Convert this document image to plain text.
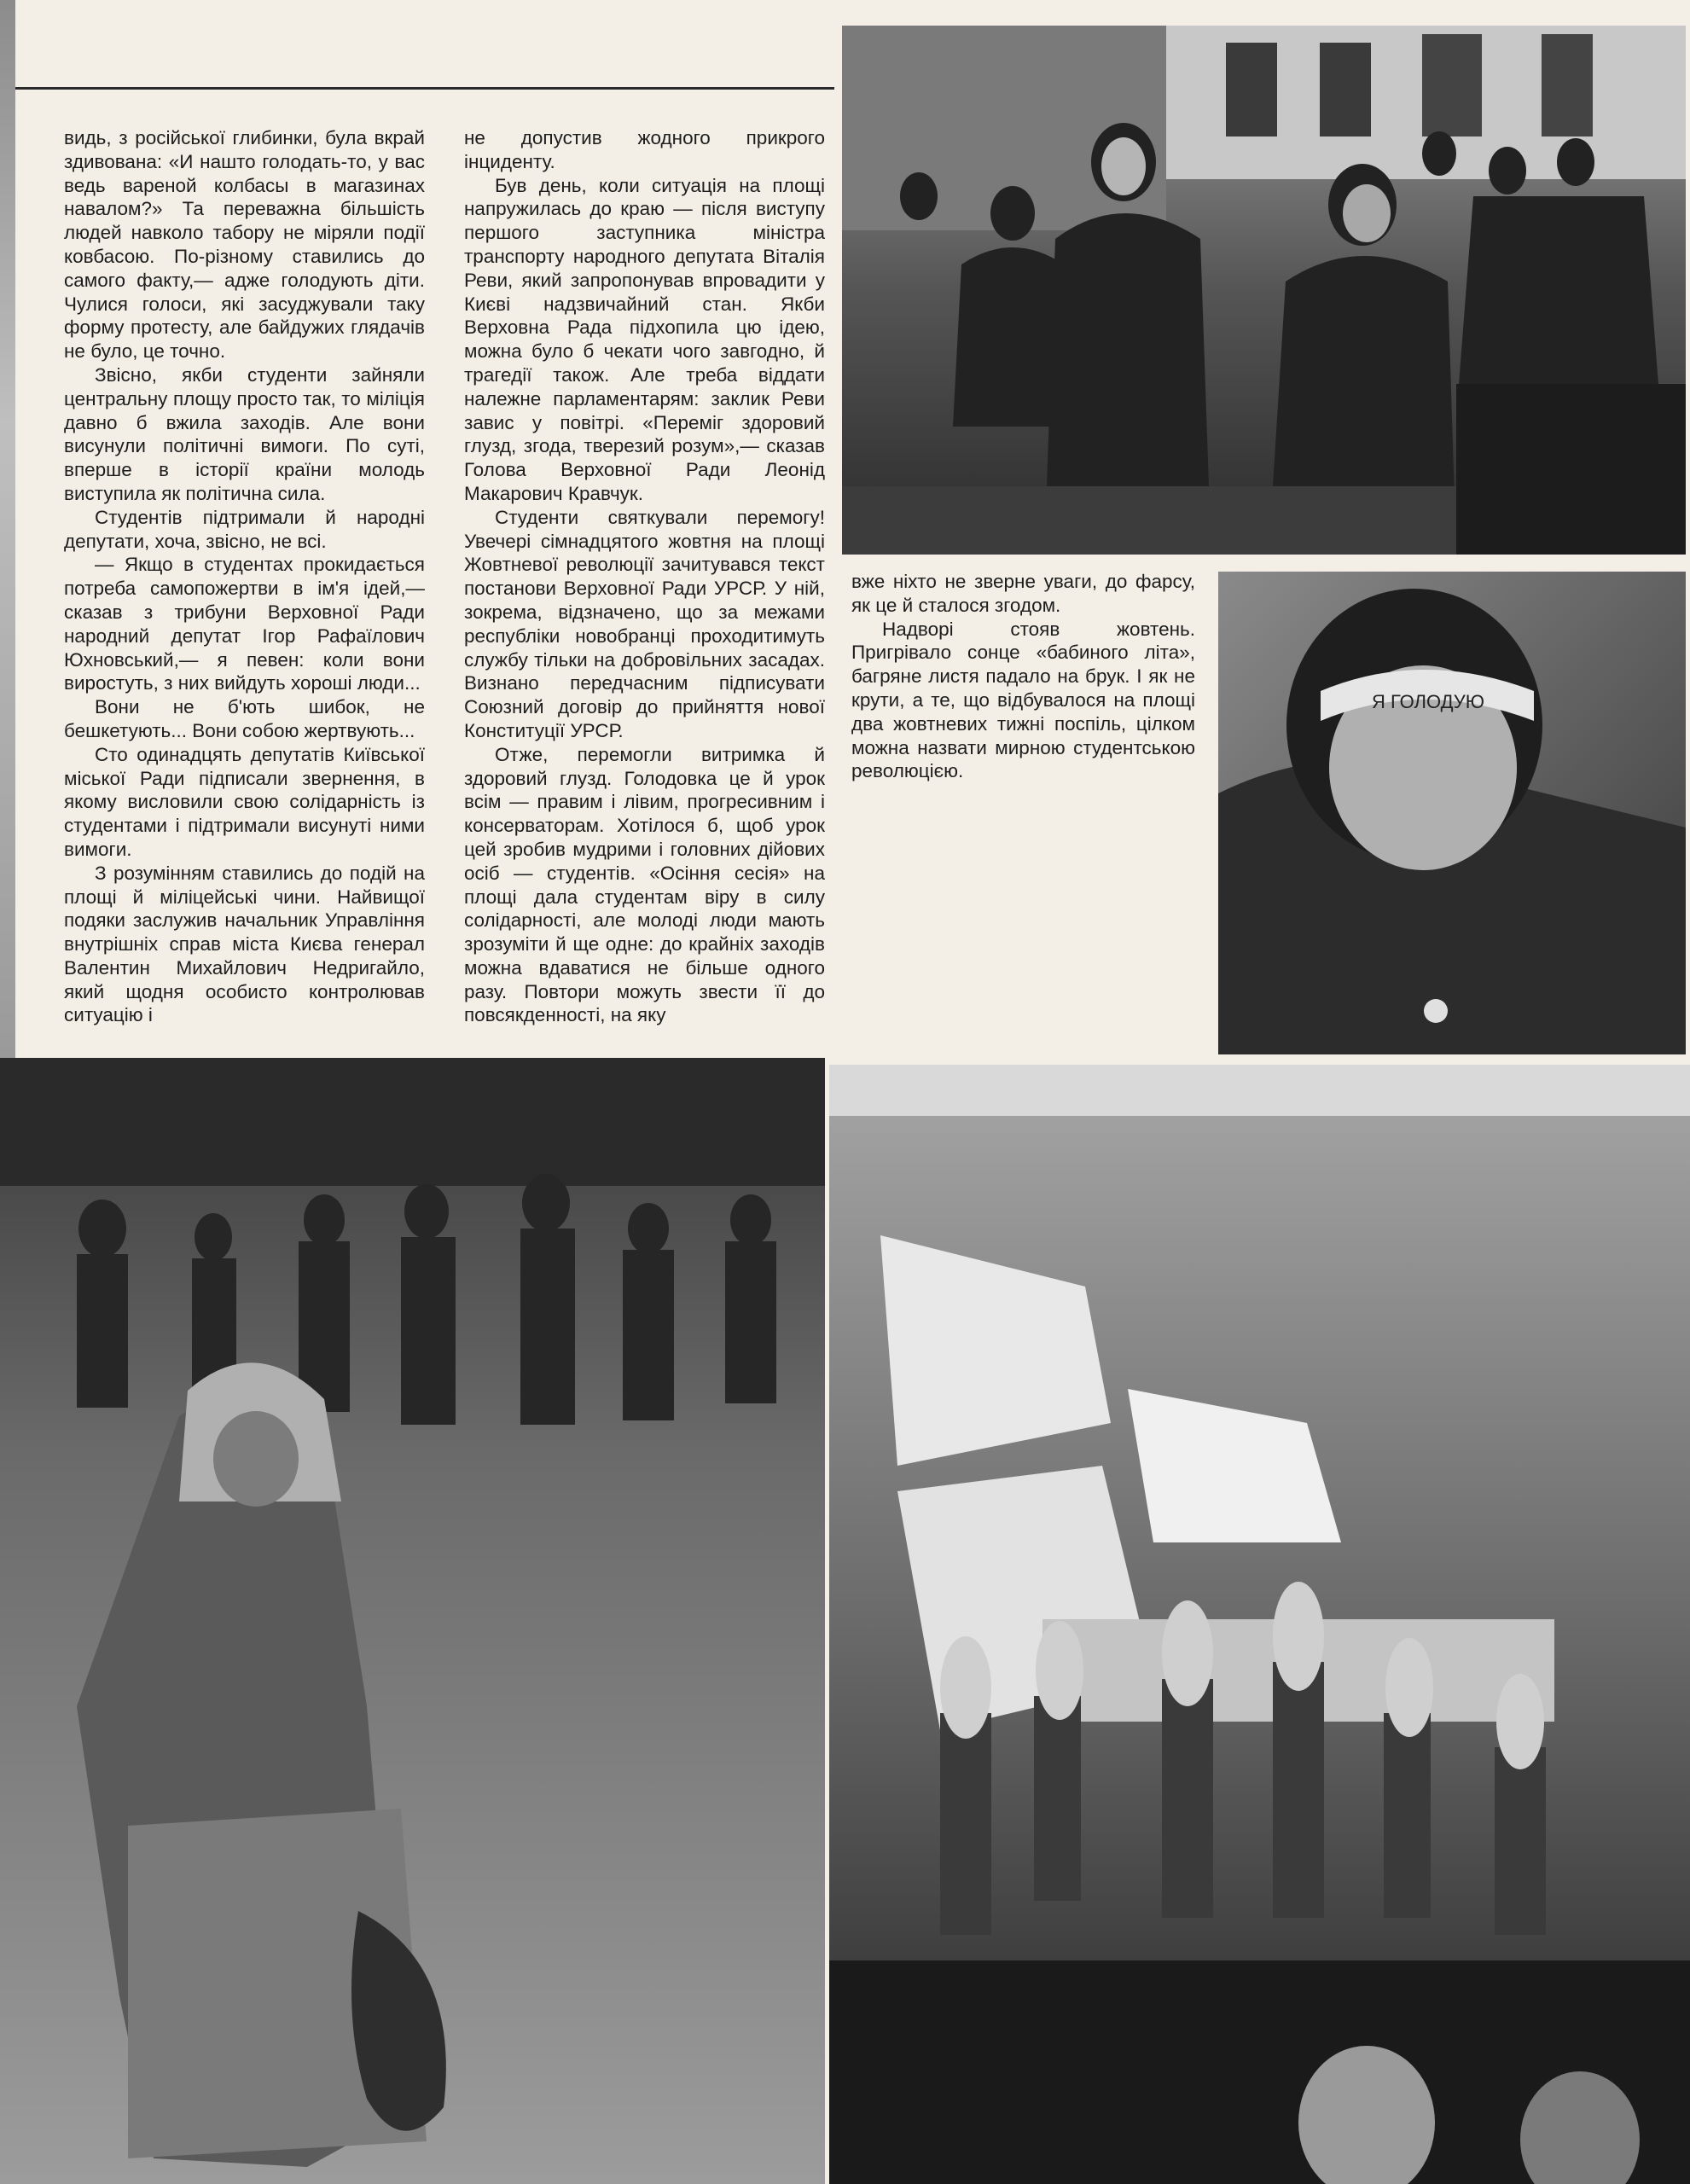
видь, з російської глибинки, була вкрай здивована: «И нашто голодать-то, у вас ведь вареной колбасы в магазинах навалом?» Та переважна більшість людей навколо табору не міряли події ковбасою. По-різному ставились до самого факту,— адже голодують діти. Чулися голоси, які засуджували таку форму протесту, але байдужих глядачів не було, це точно.

Звісно, якби студенти зайняли центральну площу просто так, то міліція давно б вжила заходів. Але вони висунули політичні вимоги. По суті, вперше в історії країни молодь виступила як політична сила.

Студентів підтримали й народні депутати, хоча, звісно, не всі.

— Якщо в студентах прокидається потреба самопожертви в ім'я ідей,— сказав з трибуни Верховної Ради народний депутат Ігор Рафаїлович Юхновський,— я певен: коли вони виростуть, з них вийдуть хороші люди...

Вони не б'ють шибок, не бешкетують... Вони собою жертвують...

Сто одинадцять депутатів Київської міської Ради підписали звернення, в якому висловили свою солідарність із студентами і підтримали висунуті ними вимоги.

З розумінням ставились до подій на площі й міліцейські чини. Найвищої подяки заслужив начальник Управління внутрішніх справ міста Києва генерал Валентин Михайлович Недригайло, який щодня особисто контролював ситуацію і

не допустив жодного прикрого інциденту.

Був день, коли ситуація на площі напружилась до краю — після виступу першого заступника міністра транспорту народного депутата Віталія Реви, який запропонував впровадити у Києві надзвичайний стан. Якби Верховна Рада підхопила цю ідею, можна було б чекати чого завгодно, й трагедії також. Але треба віддати належне парламентарям: заклик Реви завис у повітрі. «Переміг здоровий глузд, згода, тверезий розум»,— сказав Голова Верховної Ради Леонід Макарович Кравчук.

Студенти святкували перемогу! Увечері сімнадцятого жовтня на площі Жовтневої революції зачитувався текст постанови Верховної Ради УРСР. У ній, зокрема, відзначено, що за межами республіки новобранці проходитимуть службу тільки на добровільних засадах. Визнано передчасним підписувати Союзний договір до прийняття нової Конституції УРСР.

Отже, перемогли витримка й здоровий глузд. Голодовка це й урок всім — правим і лівим, прогресивним і консерваторам. Хотілося б, щоб урок цей зробив мудрими і головних дійових осіб — студентів. «Осіння сесія» на площі дала студентам віру в силу солідарності, але молоді люди мають зрозуміти й ще одне: до крайніх заходів можна вдаватися не більше одного разу. Повтори можуть звести її до повсякденності, на яку

вже ніхто не зверне уваги, до фарсу, як це й сталося згодом.

Надворі стояв жовтень. Пригрівало сонце «бабиного літа», багряне листя падало на брук. І як не крути, а те, що відбувалося на площі два жовтневих тижні поспіль, цілком можна назвати мирною студентською революцією.

Я ГОЛОДУЮ
